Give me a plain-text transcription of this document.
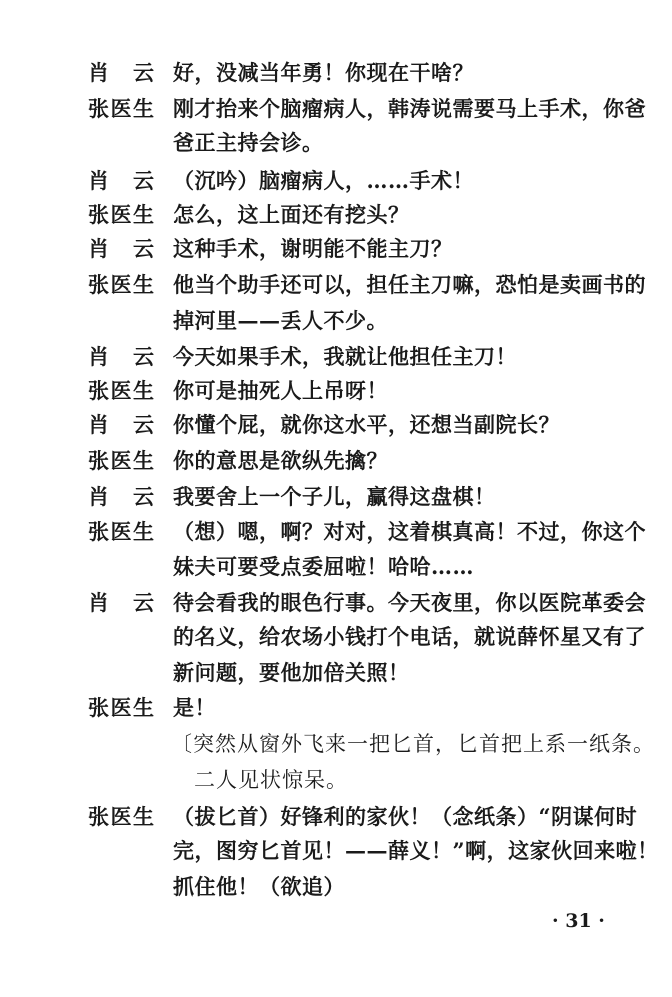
肖 云 好，没减当年勇！你现在干啥？
张医生 刚才抬来个脑瘤病人，韩涛说需要马上手术，你爸
爸正主持会诊。
肖 云 （沉吟）脑瘤病人，……手术！
张医生 怎么，这上面还有挖头？
肖 云 这种手术，谢明能不能主刀？
张医生 他当个助手还可以，担任主刀嘛，恐怕是卖画书的
掉河里——丢人不少。
肖 云 今天如果手术，我就让他担任主刀！
张医生 你可是抽死人上吊呀！
肖 云 你懂个屁，就你这水平，还想当副院长？
张医生 你的意思是欲纵先擒？
肖 云 我要舍上一个子儿，赢得这盘棋！
张医生 （想）嗯，啊？对对，这着棋真高！不过，你这个
妹夫可要受点委屈啦！哈哈……
肖 云 待会看我的眼色行事。今天夜里，你以医院革委会
的名义，给农场小钱打个电话，就说薛怀星又有了
新问题，要他加倍关照！
张医生 是！
〔突然从窗外飞来一把匕首，匕首把上系一纸条。
二人见状惊呆。
张医生 （拔匕首）好锋利的家伙！（念纸条）“阴谋何时
完，图穷匕首见！——薛义！”啊，这家伙回来啦！
抓住他！（欲追）
· 31 ·
